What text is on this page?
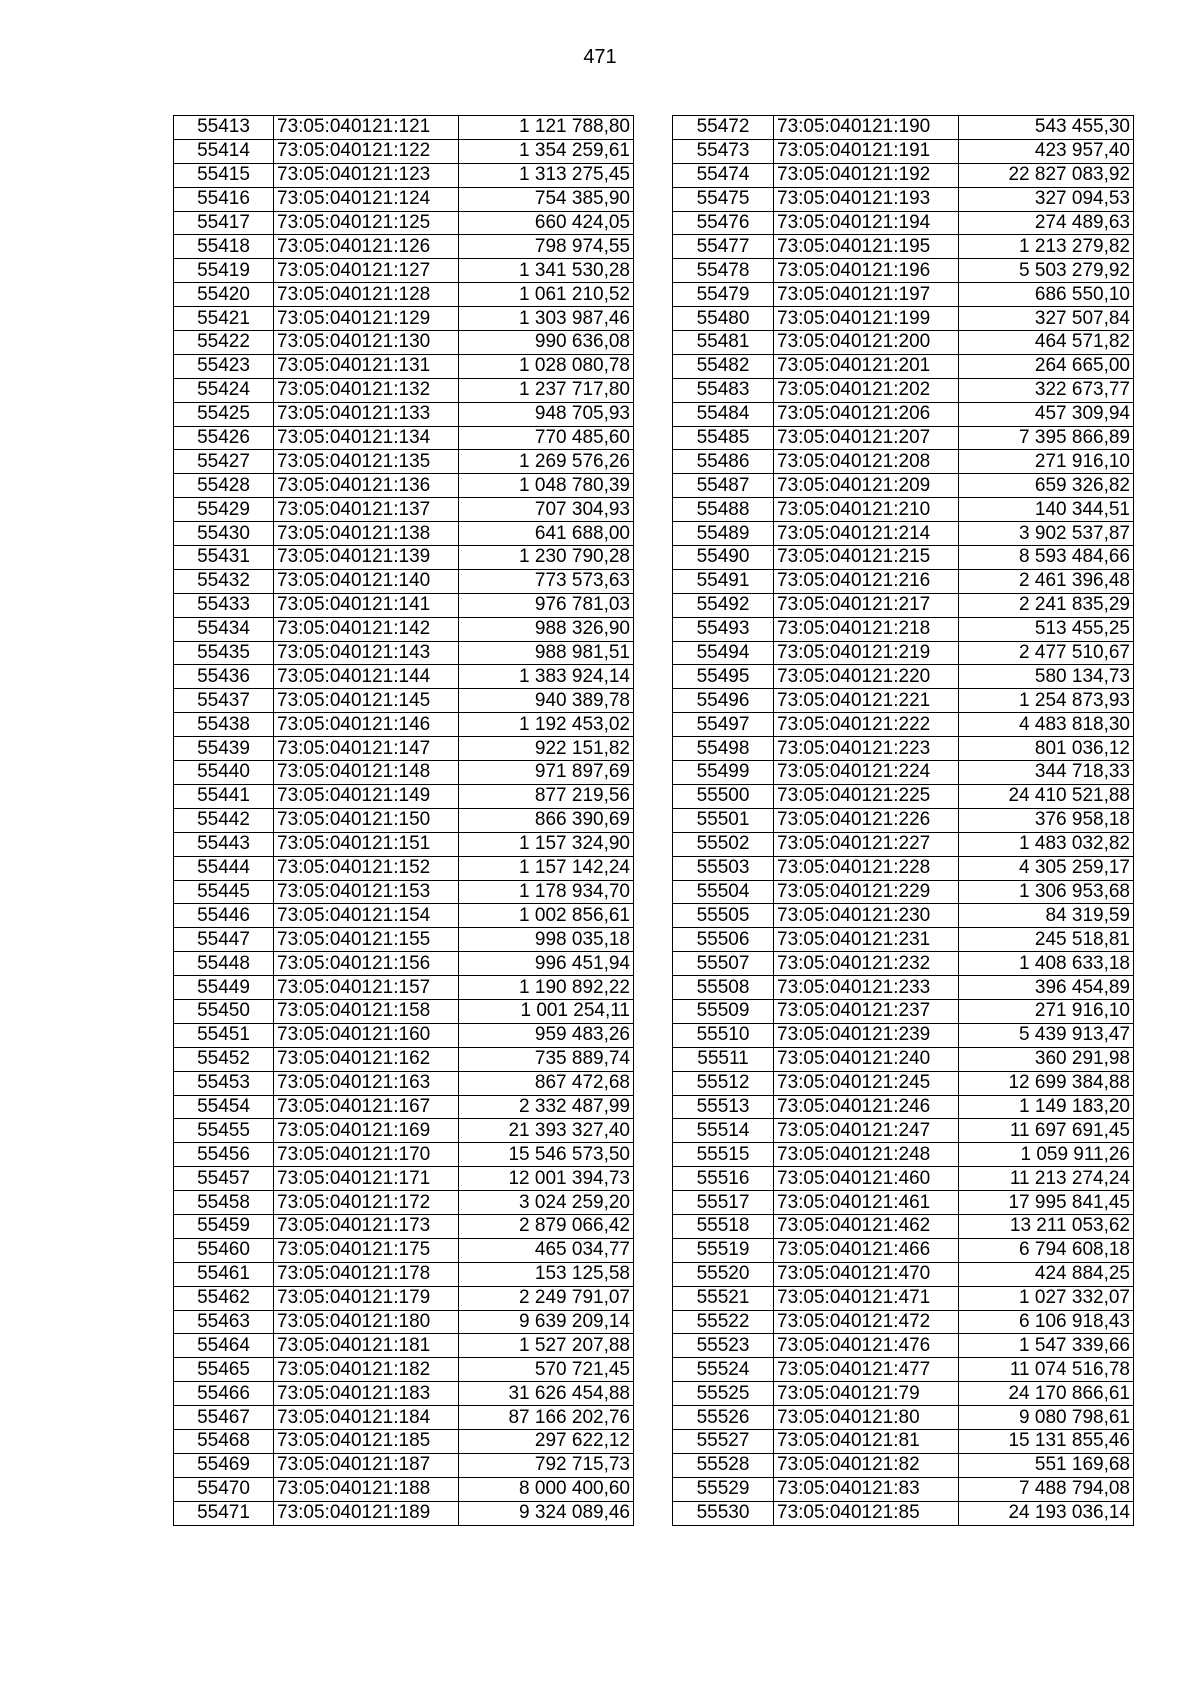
471
55413	73:05:040121:121	1 121 788,80
55414	73:05:040121:122	1 354 259,61
55415	73:05:040121:123	1 313 275,45
55416	73:05:040121:124	754 385,90
55417	73:05:040121:125	660 424,05
55418	73:05:040121:126	798 974,55
55419	73:05:040121:127	1 341 530,28
55420	73:05:040121:128	1 061 210,52
55421	73:05:040121:129	1 303 987,46
55422	73:05:040121:130	990 636,08
55423	73:05:040121:131	1 028 080,78
55424	73:05:040121:132	1 237 717,80
55425	73:05:040121:133	948 705,93
55426	73:05:040121:134	770 485,60
55427	73:05:040121:135	1 269 576,26
55428	73:05:040121:136	1 048 780,39
55429	73:05:040121:137	707 304,93
55430	73:05:040121:138	641 688,00
55431	73:05:040121:139	1 230 790,28
55432	73:05:040121:140	773 573,63
55433	73:05:040121:141	976 781,03
55434	73:05:040121:142	988 326,90
55435	73:05:040121:143	988 981,51
55436	73:05:040121:144	1 383 924,14
55437	73:05:040121:145	940 389,78
55438	73:05:040121:146	1 192 453,02
55439	73:05:040121:147	922 151,82
55440	73:05:040121:148	971 897,69
55441	73:05:040121:149	877 219,56
55442	73:05:040121:150	866 390,69
55443	73:05:040121:151	1 157 324,90
55444	73:05:040121:152	1 157 142,24
55445	73:05:040121:153	1 178 934,70
55446	73:05:040121:154	1 002 856,61
55447	73:05:040121:155	998 035,18
55448	73:05:040121:156	996 451,94
55449	73:05:040121:157	1 190 892,22
55450	73:05:040121:158	1 001 254,11
55451	73:05:040121:160	959 483,26
55452	73:05:040121:162	735 889,74
55453	73:05:040121:163	867 472,68
55454	73:05:040121:167	2 332 487,99
55455	73:05:040121:169	21 393 327,40
55456	73:05:040121:170	15 546 573,50
55457	73:05:040121:171	12 001 394,73
55458	73:05:040121:172	3 024 259,20
55459	73:05:040121:173	2 879 066,42
55460	73:05:040121:175	465 034,77
55461	73:05:040121:178	153 125,58
55462	73:05:040121:179	2 249 791,07
55463	73:05:040121:180	9 639 209,14
55464	73:05:040121:181	1 527 207,88
55465	73:05:040121:182	570 721,45
55466	73:05:040121:183	31 626 454,88
55467	73:05:040121:184	87 166 202,76
55468	73:05:040121:185	297 622,12
55469	73:05:040121:187	792 715,73
55470	73:05:040121:188	8 000 400,60
55471	73:05:040121:189	9 324 089,46
55472	73:05:040121:190	543 455,30
55473	73:05:040121:191	423 957,40
55474	73:05:040121:192	22 827 083,92
55475	73:05:040121:193	327 094,53
55476	73:05:040121:194	274 489,63
55477	73:05:040121:195	1 213 279,82
55478	73:05:040121:196	5 503 279,92
55479	73:05:040121:197	686 550,10
55480	73:05:040121:199	327 507,84
55481	73:05:040121:200	464 571,82
55482	73:05:040121:201	264 665,00
55483	73:05:040121:202	322 673,77
55484	73:05:040121:206	457 309,94
55485	73:05:040121:207	7 395 866,89
55486	73:05:040121:208	271 916,10
55487	73:05:040121:209	659 326,82
55488	73:05:040121:210	140 344,51
55489	73:05:040121:214	3 902 537,87
55490	73:05:040121:215	8 593 484,66
55491	73:05:040121:216	2 461 396,48
55492	73:05:040121:217	2 241 835,29
55493	73:05:040121:218	513 455,25
55494	73:05:040121:219	2 477 510,67
55495	73:05:040121:220	580 134,73
55496	73:05:040121:221	1 254 873,93
55497	73:05:040121:222	4 483 818,30
55498	73:05:040121:223	801 036,12
55499	73:05:040121:224	344 718,33
55500	73:05:040121:225	24 410 521,88
55501	73:05:040121:226	376 958,18
55502	73:05:040121:227	1 483 032,82
55503	73:05:040121:228	4 305 259,17
55504	73:05:040121:229	1 306 953,68
55505	73:05:040121:230	84 319,59
55506	73:05:040121:231	245 518,81
55507	73:05:040121:232	1 408 633,18
55508	73:05:040121:233	396 454,89
55509	73:05:040121:237	271 916,10
55510	73:05:040121:239	5 439 913,47
55511	73:05:040121:240	360 291,98
55512	73:05:040121:245	12 699 384,88
55513	73:05:040121:246	1 149 183,20
55514	73:05:040121:247	11 697 691,45
55515	73:05:040121:248	1 059 911,26
55516	73:05:040121:460	11 213 274,24
55517	73:05:040121:461	17 995 841,45
55518	73:05:040121:462	13 211 053,62
55519	73:05:040121:466	6 794 608,18
55520	73:05:040121:470	424 884,25
55521	73:05:040121:471	1 027 332,07
55522	73:05:040121:472	6 106 918,43
55523	73:05:040121:476	1 547 339,66
55524	73:05:040121:477	11 074 516,78
55525	73:05:040121:79	24 170 866,61
55526	73:05:040121:80	9 080 798,61
55527	73:05:040121:81	15 131 855,46
55528	73:05:040121:82	551 169,68
55529	73:05:040121:83	7 488 794,08
55530	73:05:040121:85	24 193 036,14
